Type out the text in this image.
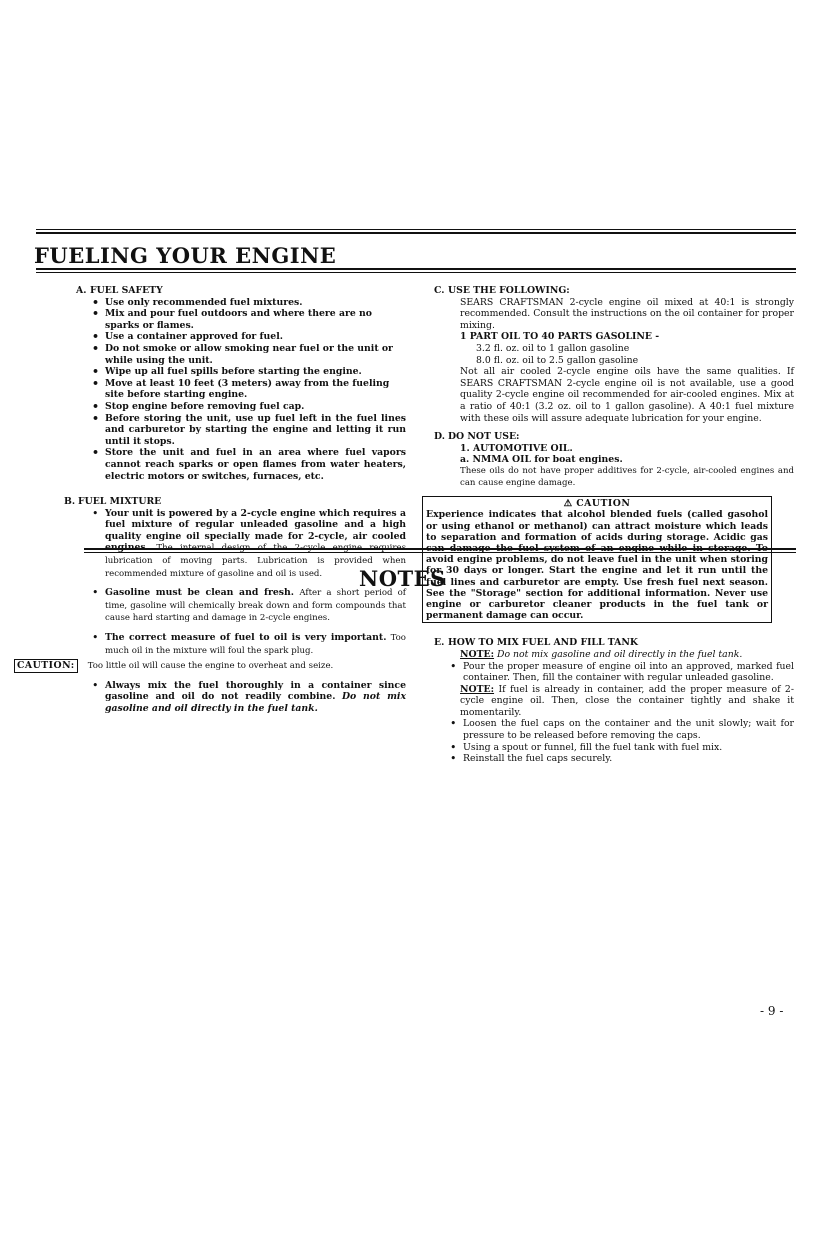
FUELING YOUR ENGINE
A. FUEL SAFETY
• Use only recommended fuel mixtures.
• Mix and pour fuel outdoors and where there are no sparks or flames.
• Use a container approved for fuel.
• Do not smoke or allow smoking near fuel or the unit or while using the unit.
• Wipe up all fuel spills before starting the engine.
• Move at least 10 feet (3 meters) away from the fueling site before starting engine.
• Stop engine before removing fuel cap.
• Before storing the unit, use up fuel left in the fuel lines and carburetor by starting the engine and letting it run until it stops.
• Store the unit and fuel in an area where fuel vapors cannot reach sparks or open flames from water heaters, electric motors or switches, furnaces, etc.
B. FUEL MIXTURE
• Your unit is powered by a 2-cycle engine which requires a fuel mixture of regular unleaded gasoline and a high quality engine oil specially made for 2-cycle, air cooled lubrication of moving parts. Lubrication is provided when recommended mixture of gasoline and oil is used.
• Gasoline must be clean and fresh. After a short period of time, gasoline will chemically break down and form compounds that cause hard starting and damage in 2-cycle engines.
• The correct measure of fuel to oil is very important. Too much oil in the mixture will foul the spark plug.
CAUTION: Too little oil will cause the engine to overheat and seize.
• Always mix the fuel thoroughly in a container since gasoline and oil do not readily combine. Do not mix gasoline and oil directly in the fuel tank.
C. USE THE FOLLOWING:
SEARS CRAFTSMAN 2-cycle engine oil mixed at 40:1 is strongly recommended. Consult the instructions on the oil container for proper mixing.
1 PART OIL TO 40 PARTS GASOLINE -
3.2 fl. oz. oil to 1 gallon gasoline
8.0 fl. oz. oil to 2.5 gallon gasoline
Not all air cooled 2-cycle engine oils have the same qualities. If SEARS CRAFTSMAN 2-cycle engine oil is not available, use a good quality 2-cycle engine oil recommended for air-cooled engines. Mix at a ratio of 40:1 (3.2 oz. oil to 1 gallon gasoline). A 40:1 fuel mixture with these oils will assure adequate lubrication for your engine.
D. DO NOT USE:
1. AUTOMOTIVE OIL.
a. NMMA OIL for boat engines.
These oils do not have proper additives for 2-cycle, air-cooled engines and can cause engine damage.
⚠ CAUTION
Experience indicates that alcohol blended fuels (called gasohol or using ethanol or methanol) can attract moisture which leads to separation and formation of acids during storage. Acidic gas avoid engine problems, do not leave fuel in the unit when storing for 30 days or longer. Start the engine and let it run until the fuel lines and carburetor are empty. Use fresh fuel next season. See the "Storage" section for additional information. Never use engine or carburetor cleaner products in the fuel tank or permanent damage can occur.
E. HOW TO MIX FUEL AND FILL TANK
NOTE: Do not mix gasoline and oil directly in the fuel tank.
• Pour the proper measure of engine oil into an approved, marked fuel container. Then, fill the container with regular unleaded gasoline.
NOTE: If fuel is already in container, add the proper measure of 2-cycle engine oil. Then, close the container tightly and shake it momentarily.
• Loosen the fuel caps on the container and the unit slowly; wait for pressure to be released before removing the caps.
• Using a spout or funnel, fill the fuel tank with fuel mix.
• Reinstall the fuel caps securely.
NOTES
- 9 -
